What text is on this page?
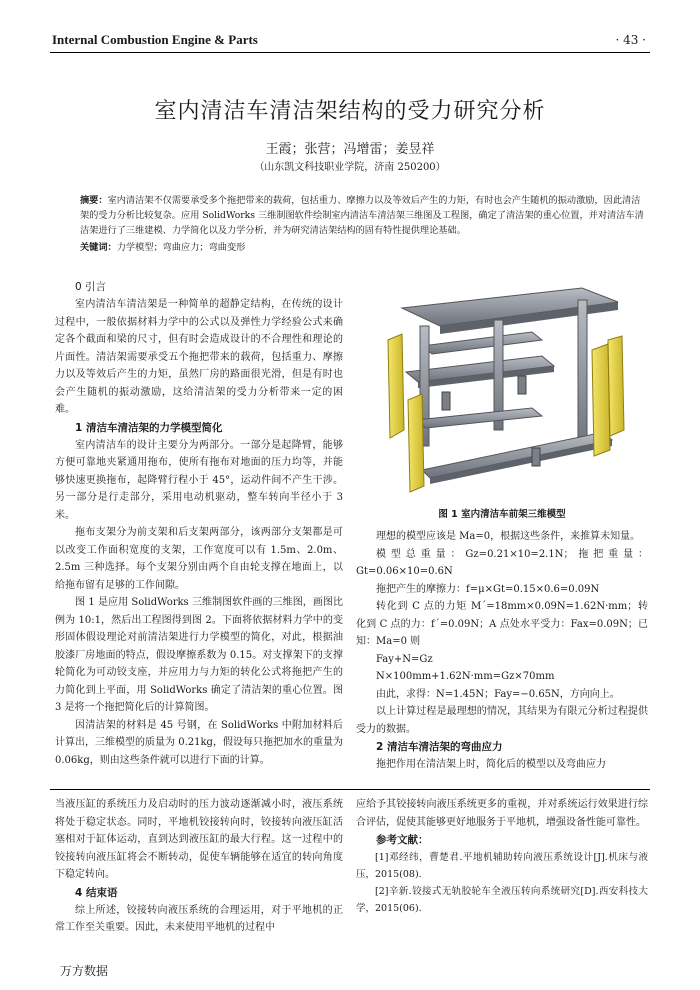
Internal Combustion Engine & Parts	· 43 ·
室内清洁车清洁架结构的受力研究分析
王霞；张营；冯增雷；姜昱祥
（山东凯文科技职业学院，济南 250200）
摘要：室内清洁架不仅需要承受多个拖把带来的载荷，包括重力、摩擦力以及等效后产生的力矩，有时也会产生随机的振动激励，因此清洁架的受力分析比较复杂。应用 SolidWorks 三维制图软件绘制室内清洁车清洁架三维图及工程图，确定了清洁架的重心位置，并对清洁车清洁架进行了三维建模、力学简化以及力学分析，并为研究清洁架结构的固有特性提供理论基础。
关键词：力学模型；弯曲应力；弯曲变形
0 引言

室内清洁车清洁架是一种简单的超静定结构，在传统的设计过程中，一般依据材料力学中的公式以及弹性力学经验公式来确定各个截面和梁的尺寸，但有时会造成设计的不合理性和理论的片面性。清洁架需要承受五个拖把带来的载荷，包括重力、摩擦力以及等效后产生的力矩，虽然厂房的路面很光滑，但是有时也会产生随机的振动激励，这给清洁架的受力分析带来一定的困难。

1 清洁车清洁架的力学模型简化

室内清洁车的设计主要分为两部分。一部分是起降臂，能够方便可靠地夹紧通用拖布，使所有拖布对地面的压力均等，并能够快速更换拖布，起降臂行程小于 45°，运动件间不产生干涉。另一部分是行走部分，采用电动机驱动，整车转向半径小于 3 米。

拖布支架分为前支架和后支架两部分，该两部分支架都是可以改变工作面积宽度的支架，工作宽度可以有 1.5m、2.0m、2.5m 三种选择。每个支架分别由两个自由轮支撑在地面上，以给拖布留有足够的工作间隙。

图 1 是应用 SolidWorks 三维制图软件画的三维图，画图比例为 10:1，然后出工程图得到图 2。下面将依据材料力学中的变形固体假设理论对前清洁架进行力学模型的简化，对此，根据油胶漆厂房地面的特点，假设摩擦系数为 0.15。对支撑架下的支撑轮简化为可动铰支座，并应用力与力矩的转化公式将拖把产生的力简化到上平面，用 SolidWorks 确定了清洁架的重心位置。图 3 是将一个拖把简化后的计算简图。

因清洁架的材料是 45 号钢，在 SolidWorks 中附加材料后计算出，三维模型的质量为 0.21kg，假设每只拖把加水的重量为 0.06kg，则由这些条件就可以进行下面的计算。

图 1 室内清洁车前架三维模型

理想的模型应该是 Ma=0，根据这些条件，来推算未知量。

模型总重量：Gz=0.21×10=2.1N；拖把重量：Gt=0.06×10=0.6N

拖把产生的摩擦力：f=μ×Gt=0.15×0.6=0.09N

转化到 C 点的力矩 M´=18mm×0.09N=1.62N·mm；转化到 C 点的力：f´=0.09N；A 点处水平受力：Fax=0.09N；已知：Ma=0 则

Fay+N=Gz

N×100mm+1.62N·mm=Gz×70mm

由此，求得：N=1.45N；Fay=−0.65N，方向向上。

以上计算过程是最理想的情况，其结果为有限元分析过程提供受力的数据。

2 清洁车清洁架的弯曲应力

拖把作用在清洁架上时，简化后的模型以及弯曲应力

当液压缸的系统压力及启动时的压力波动逐渐减小时，液压系统将处于稳定状态。同时，平地机铰接转向时，铰接转向液压缸活塞相对于缸体运动，直到达到液压缸的最大行程。这一过程中的铰接转向液压缸将会不断转动，促使车辆能够在适宜的转向角度下稳定转向。

4 结束语

综上所述，铰接转向液压系统的合理运用，对于平地机的正常工作至关重要。因此，未来使用平地机的过程中

应给予其铰接转向液压系统更多的重视，并对系统运行效果进行综合评估，促使其能够更好地服务于平地机，增强设备性能可靠性。

参考文献：

[1]邓经纬，曹楚君.平地机辅助转向液压系统设计[J].机床与液压，2015(08).

[2]辛新.铰接式无轨胶轮车全液压转向系统研究[D].西安科技大学，2015(06).

万方数据
